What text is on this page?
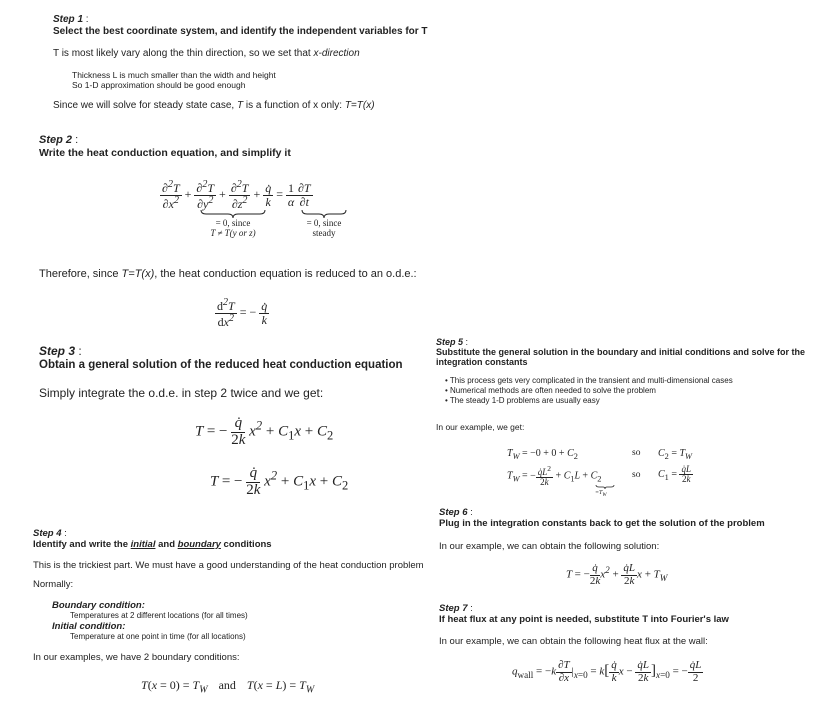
Step 1 :
Select the best coordinate system, and identify the independent variables for T
T is most likely vary along the thin direction, so we set that x-direction
Thickness L is much smaller than the width and height
So 1-D approximation should be good enough
Since we will solve for steady state case, T is a function of x only: T=T(x)
Step 2 :
Write the heat conduction equation, and simplify it
$\frac{\partial^2T}{\partial x^2} + \frac{\partial^2T}{\partial y^2} + \frac{\partial^2T}{\partial z^2} + \frac{q̇}{k} = \frac{1}{\alpha} \frac{\partial T}{\partial t}$
= 0, since
T ≠ T(y or z)
= 0, since
steady
Therefore, since T=T(x), the heat conduction equation is reduced to an o.d.e.:
$\frac{d^2T}{dx^2}$ = − $\frac{q̇}{k}$
Step 3 :
Obtain a general solution of the reduced heat conduction equation
Simply integrate the o.d.e. in step 2 twice and we get:
T = − $\frac{q̇}{2k} x^2 + C_1x + C_2$
T = − $\frac{q̇}{2k} x^2 + C_1x + C_2$
Step 4 :
Identify and write the initial and boundary conditions
This is the trickiest part. We must have a good understanding of the heat conduction problem
Normally:
Boundary condition:
Temperatures at 2 different locations (for all times)
Initial condition:
Temperature at one point in time (for all locations)
In our examples, we have 2 boundary conditions:
$T(x = 0) = T_W$ and $T(x = L) = T_W$
Step 5 :
Substitute the general solution in the boundary and initial conditions and solve for the integration constants
• This process gets very complicated in the transient and multi-dimensional cases
• Numerical methods are often needed to solve the problem
• The steady 1-D problems are usually easy
In our example, we get:
$T_W = -0 + 0 + C_2$	so $C_2 = T_W$
$T_W$ = − $\frac{q̇L^2}{2k} + C_1L + C_2$
$=T_W$
so $C_1 = \frac{q̇L}{2k}$
Step 6 :
Plug in the integration constants back to get the solution of the problem
In our example, we can obtain the following solution:
T = − $\frac{q̇}{2k} x^2 + \frac{q̇L}{2k}$ $x + T_W$
Step 7 :
If heat flux at any point is needed, substitute T into Fourier's law
In our example, we can obtain the following heat flux at the wall:
$q_{wall} = -k \frac{\partial T}{\partial x} |_{x=0} = k[ \frac{q̇}{k}$ $x - \frac{q̇L}{2k} ]_{x=0}$ = − $\frac{q̇L}{2}$
